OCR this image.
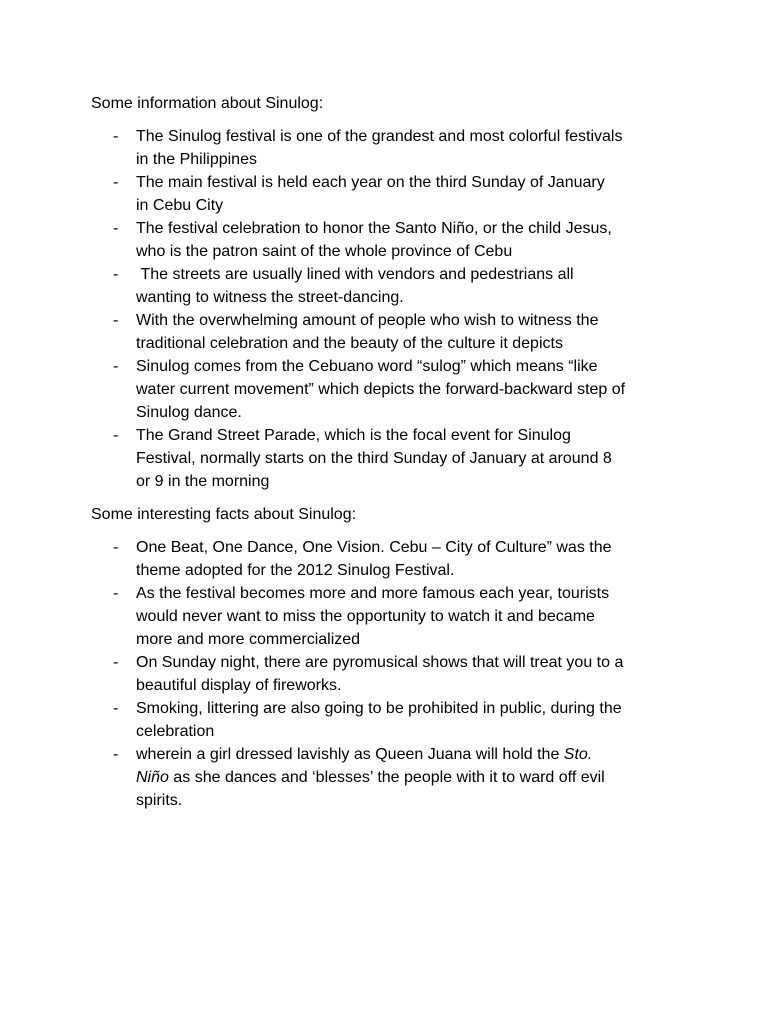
Some information about Sinulog:

- The Sinulog festival is one of the grandest and most colorful festivals
in the Philippines
- The main festival is held each year on the third Sunday of January
in Cebu City
- The festival celebration to honor the Santo Niño, or the child Jesus,
who is the patron saint of the whole province of Cebu
- The streets are usually lined with vendors and pedestrians all
wanting to witness the street-dancing.
- With the overwhelming amount of people who wish to witness the
traditional celebration and the beauty of the culture it depicts
- Sinulog comes from the Cebuano word “sulog” which means “like
water current movement” which depicts the forward-backward step of
Sinulog dance.
- The Grand Street Parade, which is the focal event for Sinulog
Festival, normally starts on the third Sunday of January at around 8
or 9 in the morning

Some interesting facts about Sinulog:

- One Beat, One Dance, One Vision. Cebu – City of Culture” was the
theme adopted for the 2012 Sinulog Festival.
- As the festival becomes more and more famous each year, tourists
would never want to miss the opportunity to watch it and became
more and more commercialized
- On Sunday night, there are pyromusical shows that will treat you to a
beautiful display of fireworks.
- Smoking, littering are also going to be prohibited in public, during the
celebration
- wherein a girl dressed lavishly as Queen Juana will hold the Sto.
Niño as she dances and ‘blesses’ the people with it to ward off evil
spirits.
